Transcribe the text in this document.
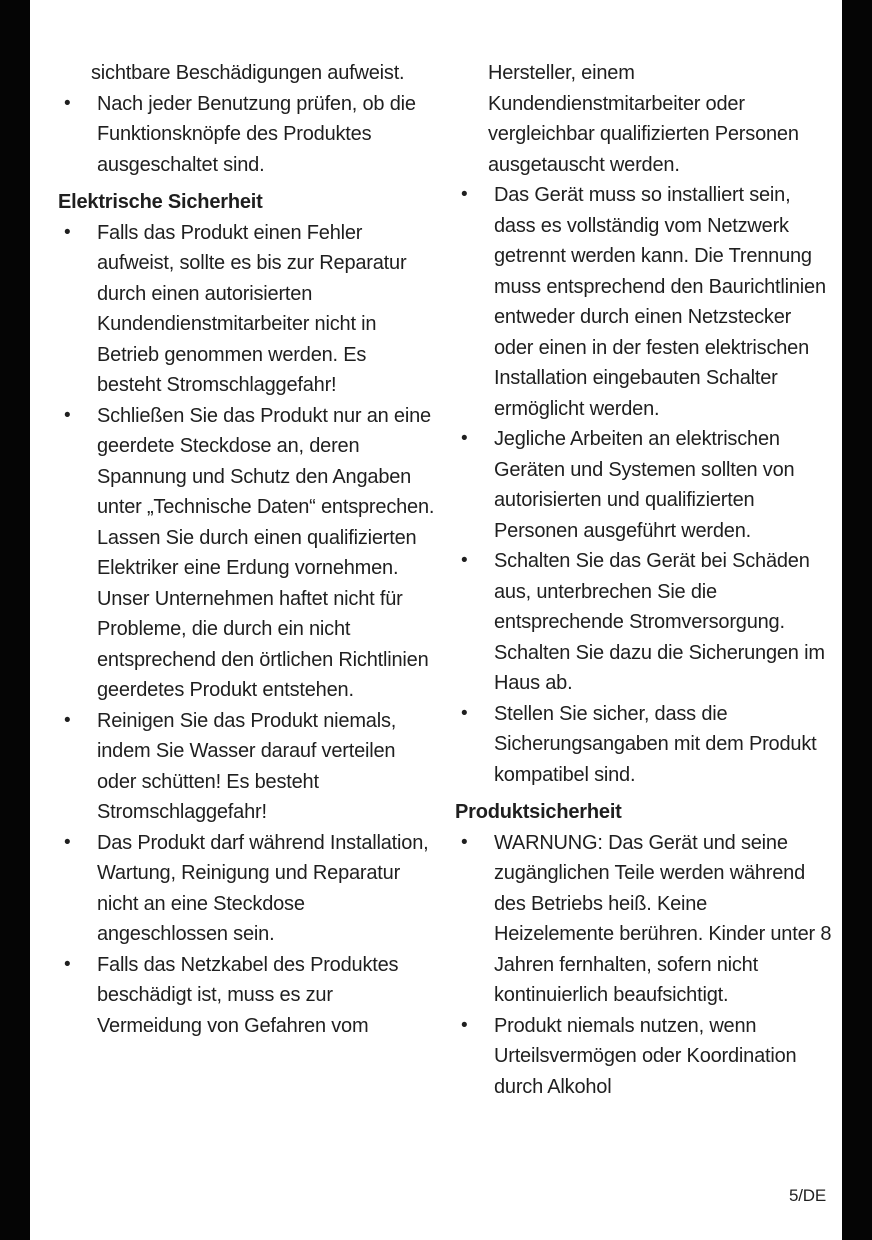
sichtbare Beschädigungen aufweist.
•	Nach jeder Benutzung prüfen, ob die Funktionsknöpfe des Produktes ausgeschaltet sind.
Elektrische Sicherheit
•	Falls das Produkt einen Fehler aufweist, sollte es bis zur Reparatur durch einen autorisierten Kundendienstmitarbeiter nicht in Betrieb genommen werden. Es besteht Stromschlaggefahr!
•	Schließen Sie das Produkt nur an eine geerdete Steckdose an, deren Spannung und Schutz den Angaben unter „Technische Daten“ entsprechen. Lassen Sie durch einen qualifizierten Elektriker eine Erdung vornehmen. Unser Unternehmen haftet nicht für Probleme, die durch ein nicht entsprechend den örtlichen Richtlinien geerdetes Produkt entstehen.
•	Reinigen Sie das Produkt niemals, indem Sie Wasser darauf verteilen oder schütten! Es besteht Stromschlaggefahr!
•	Das Produkt darf während Installation, Wartung, Reinigung und Reparatur nicht an eine Steckdose angeschlossen sein.
•	Falls das Netzkabel des Produktes beschädigt ist, muss es zur Vermeidung von Gefahren vom
Hersteller, einem Kundendienstmitarbeiter oder vergleichbar qualifizierten Personen ausgetauscht werden.
•	Das Gerät muss so installiert sein, dass es vollständig vom Netzwerk getrennt werden kann. Die Trennung muss entsprechend den Baurichtlinien entweder durch einen Netzstecker oder einen in der festen elektrischen Installation eingebauten Schalter ermöglicht werden.
•	Jegliche Arbeiten an elektrischen Geräten und Systemen sollten von autorisierten und qualifizierten Personen ausgeführt werden.
•	Schalten Sie das Gerät bei Schäden aus, unterbrechen Sie die entsprechende Stromversorgung. Schalten Sie dazu die Sicherungen im Haus ab.
•	Stellen Sie sicher, dass die Sicherungsangaben mit dem Produkt kompatibel sind.
Produktsicherheit
•	WARNUNG: Das Gerät und seine zugänglichen Teile werden während des Betriebs heiß. Keine Heizelemente berühren. Kinder unter 8 Jahren fernhalten, sofern nicht kontinuierlich beaufsichtigt.
•	Produkt niemals nutzen, wenn Urteilsvermögen oder Koordination durch Alkohol
5/DE
